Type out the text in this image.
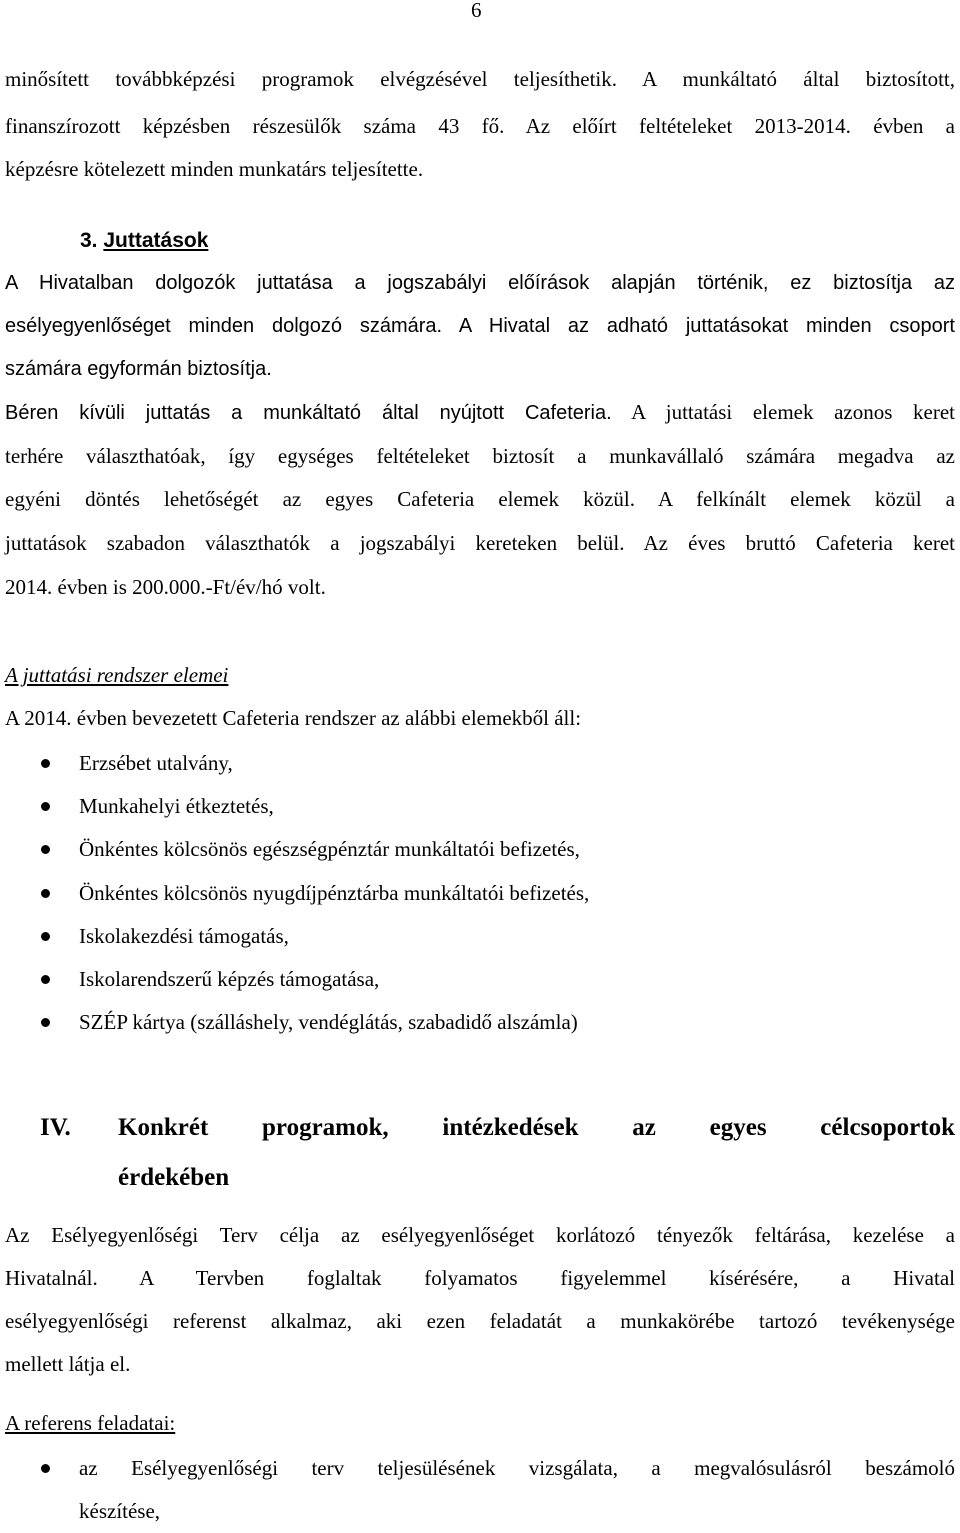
6

minősített továbbképzési programok elvégzésével teljesíthetik. A munkáltató által biztosított,

finanszírozott képzésben részesülők száma 43 fő. Az előírt feltételeket 2013-2014. évben a

képzésre kötelezett minden munkatárs teljesítette.

3. Juttatások

A Hivatalban dolgozók juttatása a jogszabályi előírások alapján történik, ez biztosítja az

esélyegyenlőséget minden dolgozó számára. A Hivatal az adható juttatásokat minden csoport

számára egyformán biztosítja.

Béren kívüli juttatás a munkáltató által nyújtott Cafeteria. A juttatási elemek azonos keret

terhére választhatóak, így egységes feltételeket biztosít a munkavállaló számára megadva az

egyéni döntés lehetőségét az egyes Cafeteria elemek közül. A felkínált elemek közül a

juttatások szabadon választhatók a jogszabályi kereteken belül. Az éves bruttó Cafeteria keret

2014. évben is 200.000.-Ft/év/hó volt.

A juttatási rendszer elemei

A 2014. évben bevezetett Cafeteria rendszer az alábbi elemekből áll:

Erzsébet utalvány,
Munkahelyi étkeztetés,
Önkéntes kölcsönös egészségpénztár munkáltatói befizetés,
Önkéntes kölcsönös nyugdíjpénztárba munkáltatói befizetés,
Iskolakezdési támogatás,
Iskolarendszerű képzés támogatása,
SZÉP kártya (szálláshely, vendéglátás, szabadidő alszámla)
IV. Konkrét programok, intézkedések az egyes célcsoportok
érdekében

Az Esélyegyenlőségi Terv célja az esélyegyenlőséget korlátozó tényezők feltárása, kezelése a

Hivatalnál. A Tervben foglaltak folyamatos figyelemmel kísérésére, a Hivatal

esélyegyenlőségi referenst alkalmaz, aki ezen feladatát a munkakörébe tartozó tevékenysége

mellett látja el.

A referens feladatai:

az Esélyegyenlőségi terv teljesülésének vizsgálata, a megvalósulásról beszámoló
készítése,
